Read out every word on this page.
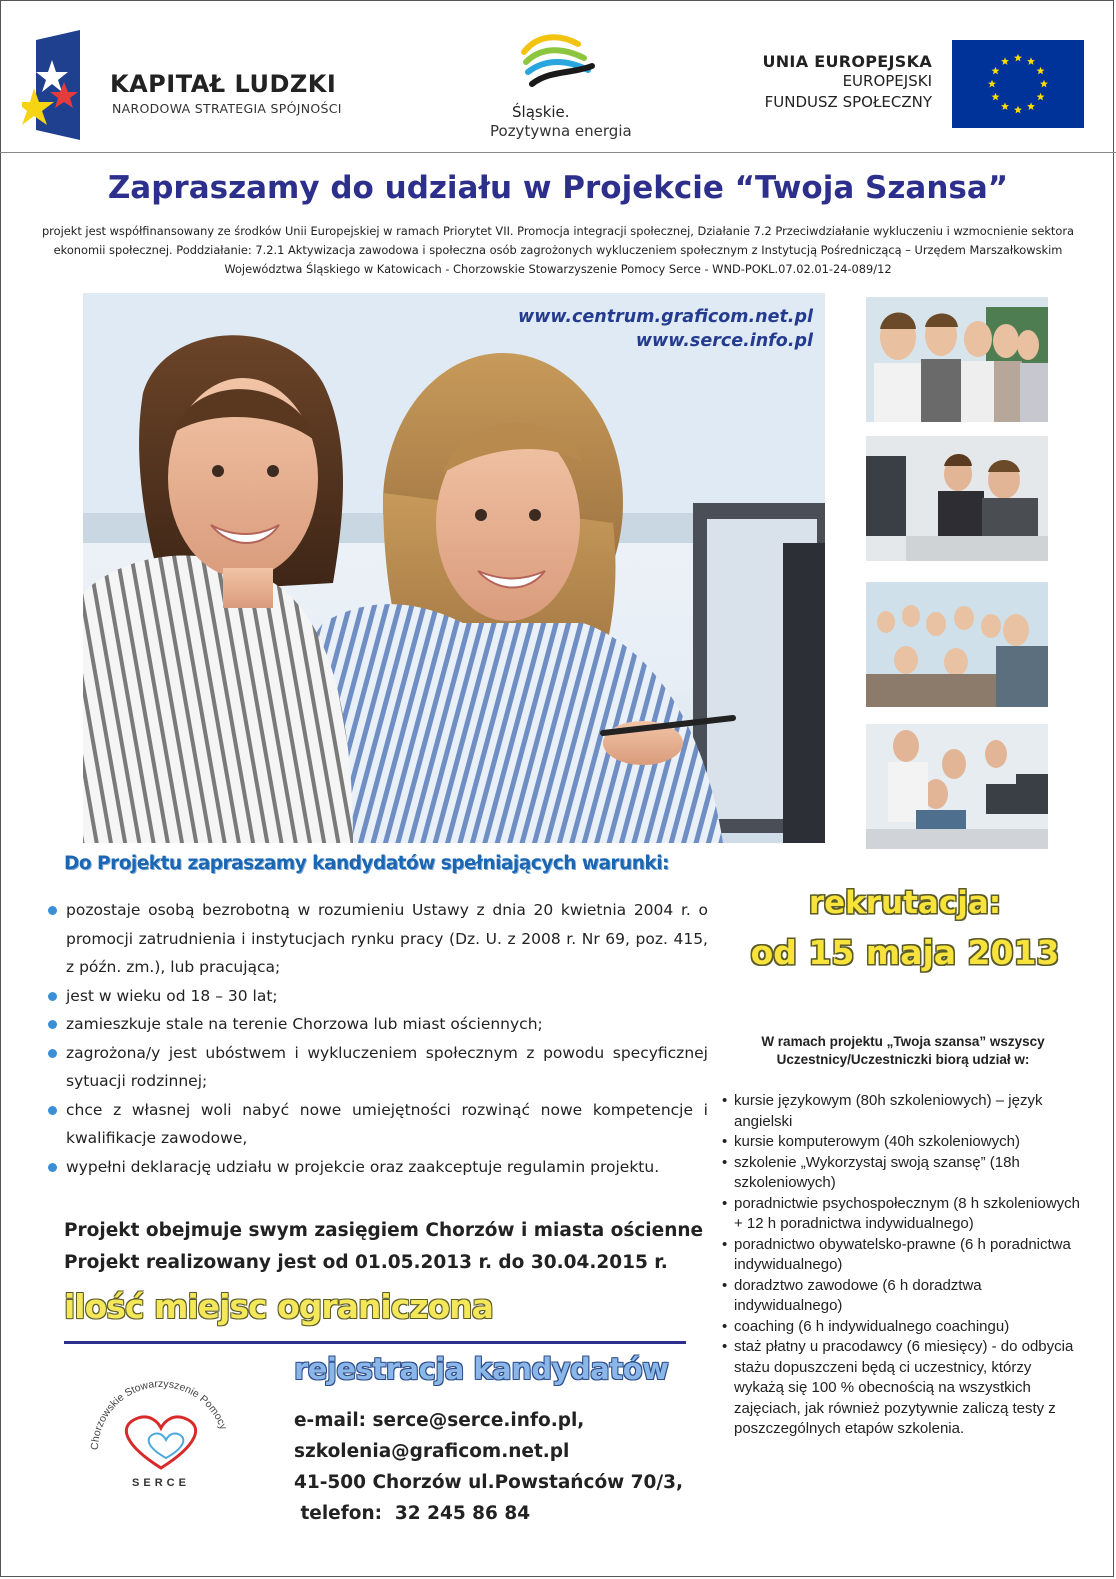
KAPITAŁ LUDZKI
NARODOWA STRATEGIA SPÓJNOŚCI	Śląskie.
Pozytywna energia
UNIA EUROPEJSKA
EUROPEJSKI
FUNDUSZ SPOŁECZNY
Zapraszamy do udziału w Projekcie “Twoja Szansa”
projekt jest współfinansowany ze środków Unii Europejskiej w ramach Priorytet VII. Promocja integracji społecznej, Działanie 7.2 Przeciwdziałanie wykluczeniu i wzmocnienie sektora ekonomii społecznej. Poddziałanie: 7.2.1 Aktywizacja zawodowa i społeczna osób zagrożonych wykluczeniem społecznym z Instytucją Pośredniczącą – Urzędem Marszałkowskim Województwa Śląskiego w Katowicach - Chorzowskie Stowarzyszenie Pomocy Serce - WND-POKL.07.02.01-24-089/12
www.centrum.graficom.net.pl
www.serce.info.pl
Do Projektu zapraszamy kandydatów spełniających warunki:
pozostaje osobą bezrobotną w rozumieniu Ustawy z dnia 20 kwietnia 2004 r. o promocji zatrudnienia i instytucjach rynku pracy (Dz. U. z 2008 r. Nr 69, poz. 415, z późn. zm.), lub pracująca;
jest w wieku od 18 – 30 lat;
zamieszkuje stale na terenie Chorzowa lub miast ościennych;
zagrożona/y jest ubóstwem i wykluczeniem społecznym z powodu specyficznej sytuacji rodzinnej;
chce z własnej woli nabyć nowe umiejętności rozwinąć nowe kompetencje i kwalifikacje zawodowe,
wypełni deklarację udziału w projekcie oraz zaakceptuje regulamin projektu.
Projekt obejmuje swym zasięgiem Chorzów i miasta ościenne
Projekt realizowany jest od 01.05.2013 r. do 30.04.2015 r.
ilość miejsc ograniczona
rejestracja kandydatów
e-mail: serce@serce.info.pl,
szkolenia@graficom.net.pl
41-500 Chorzów ul.Powstańców 70/3,
telefon:  32 245 86 84
Chorzowskie Stowarzyszenie Pomocy
SERCE
rekrutacja:
od 15 maja 2013
W ramach projektu „Twoja szansa” wszyscy Uczestnicy/Uczestniczki biorą udział w:
• kursie językowym (80h szkoleniowych) – język angielski
• kursie komputerowym (40h szkoleniowych)
• szkolenie „Wykorzystaj swoją szansę” (18h szkoleniowych)
• poradnictwie psychospołecznym (8 h szkoleniowych + 12 h poradnictwa indywidualnego)
• poradnictwo obywatelsko-prawne (6 h poradnictwa indywidualnego)
• doradztwo zawodowe (6 h doradztwa indywidualnego)
• coaching (6 h indywidualnego coachingu)
• staż płatny u pracodawcy (6 miesięcy) - do odbycia stażu dopuszczeni będą ci uczestnicy, którzy wykażą się 100 % obecnością na wszystkich zajęciach, jak również pozytywnie zaliczą testy z poszczególnych etapów szkolenia.
